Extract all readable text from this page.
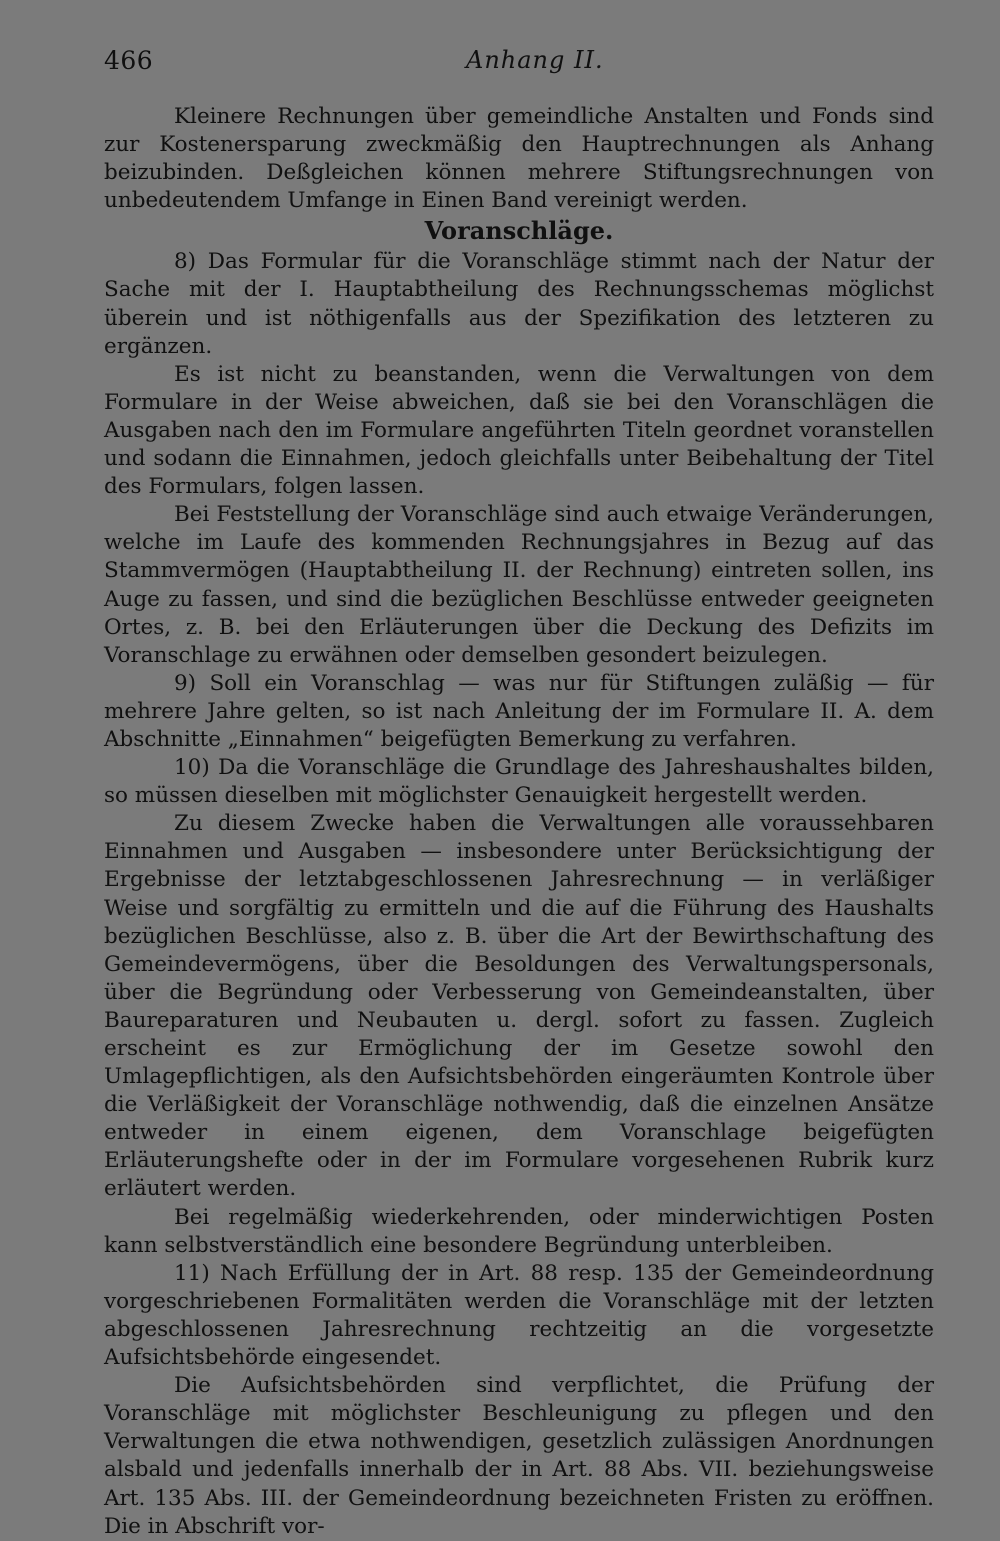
466	Anhang II.

Kleinere Rechnungen über gemeindliche Anstalten und Fonds sind zur Kostenersparung zweckmäßig den Hauptrechnungen als Anhang beizubinden. Deßgleichen können mehrere Stiftungsrechnungen von unbedeutendem Umfange in Einen Band vereinigt werden.

Voranschläge.

8) Das Formular für die Voranschläge stimmt nach der Natur der Sache mit der I. Hauptabtheilung des Rechnungsschemas möglichst überein und ist nöthigenfalls aus der Spezifikation des letzteren zu ergänzen.

Es ist nicht zu beanstanden, wenn die Verwaltungen von dem Formulare in der Weise abweichen, daß sie bei den Voranschlägen die Ausgaben nach den im Formulare angeführten Titeln geordnet voranstellen und sodann die Einnahmen, jedoch gleichfalls unter Beibehaltung der Titel des Formulars, folgen lassen.

Bei Feststellung der Voranschläge sind auch etwaige Veränderungen, welche im Laufe des kommenden Rechnungsjahres in Bezug auf das Stammvermögen (Hauptabtheilung II. der Rechnung) eintreten sollen, ins Auge zu fassen, und sind die bezüglichen Beschlüsse entweder geeigneten Ortes, z. B. bei den Erläuterungen über die Deckung des Defizits im Voranschlage zu erwähnen oder demselben gesondert beizulegen.

9) Soll ein Voranschlag — was nur für Stiftungen zuläßig — für mehrere Jahre gelten, so ist nach Anleitung der im Formulare II. A. dem Abschnitte „Einnahmen“ beigefügten Bemerkung zu verfahren.

10) Da die Voranschläge die Grundlage des Jahreshaushaltes bilden, so müssen dieselben mit möglichster Genauigkeit hergestellt werden.

Zu diesem Zwecke haben die Verwaltungen alle voraussehbaren Einnahmen und Ausgaben — insbesondere unter Berücksichtigung der Ergebnisse der letztabgeschlossenen Jahresrechnung — in verläßiger Weise und sorgfältig zu ermitteln und die auf die Führung des Haushalts bezüglichen Beschlüsse, also z. B. über die Art der Bewirthschaftung des Gemeindevermögens, über die Besoldungen des Verwaltungspersonals, über die Begründung oder Verbesserung von Gemeindeanstalten, über Baureparaturen und Neubauten u. dergl. sofort zu fassen. Zugleich erscheint es zur Ermöglichung der im Gesetze sowohl den Umlagepflichtigen, als den Aufsichtsbehörden eingeräumten Kontrole über die Verläßigkeit der Voranschläge nothwendig, daß die einzelnen Ansätze entweder in einem eigenen, dem Voranschlage beigefügten Erläuterungshefte oder in der im Formulare vorgesehenen Rubrik kurz erläutert werden.

Bei regelmäßig wiederkehrenden, oder minderwichtigen Posten kann selbstverständlich eine besondere Begründung unterbleiben.

11) Nach Erfüllung der in Art. 88 resp. 135 der Gemeindeordnung vorgeschriebenen Formalitäten werden die Voranschläge mit der letzten abgeschlossenen Jahresrechnung rechtzeitig an die vorgesetzte Aufsichtsbehörde eingesendet.

Die Aufsichtsbehörden sind verpflichtet, die Prüfung der Voranschläge mit möglichster Beschleunigung zu pflegen und den Verwaltungen die etwa nothwendigen, gesetzlich zulässigen Anordnungen alsbald und jedenfalls innerhalb der in Art. 88 Abs. VII. beziehungsweise Art. 135 Abs. III. der Gemeindeordnung bezeichneten Fristen zu eröffnen. Die in Abschrift vor-
